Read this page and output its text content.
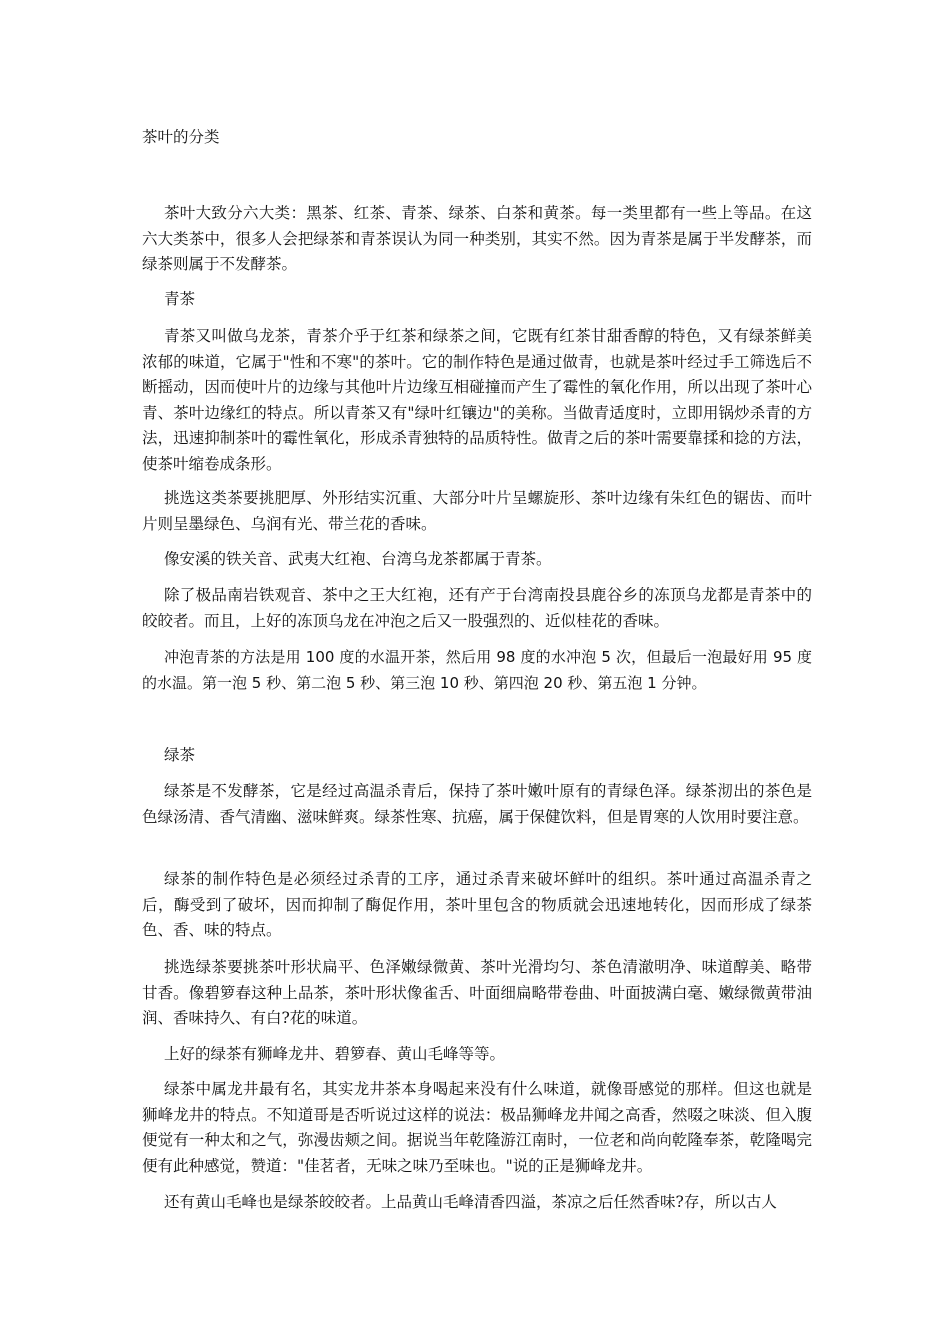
茶叶的分类

茶叶大致分六大类：黑茶、红茶、青茶、绿茶、白茶和黄茶。每一类里都有一些上等品。在这六大类茶中，很多人会把绿茶和青茶误认为同一种类别，其实不然。因为青茶是属于半发酵茶，而绿茶则属于不发酵茶。

青茶

青茶又叫做乌龙茶，青茶介乎于红茶和绿茶之间，它既有红茶甘甜香醇的特色，又有绿茶鲜美浓郁的味道，它属于"性和不寒"的茶叶。它的制作特色是通过做青，也就是茶叶经过手工筛选后不断摇动，因而使叶片的边缘与其他叶片边缘互相碰撞而产生了霉性的氧化作用，所以出现了茶叶心青、茶叶边缘红的特点。所以青茶又有"绿叶红镶边"的美称。当做青适度时，立即用锅炒杀青的方法，迅速抑制茶叶的霉性氧化，形成杀青独特的品质特性。做青之后的茶叶需要靠揉和捻的方法，使茶叶缩卷成条形。

挑选这类茶要挑肥厚、外形结实沉重、大部分叶片呈螺旋形、茶叶边缘有朱红色的锯齿、而叶片则呈墨绿色、乌润有光、带兰花的香味。

像安溪的铁关音、武夷大红袍、台湾乌龙茶都属于青茶。

除了极品南岩铁观音、茶中之王大红袍，还有产于台湾南投县鹿谷乡的冻顶乌龙都是青茶中的皎皎者。而且，上好的冻顶乌龙在冲泡之后又一股强烈的、近似桂花的香味。

冲泡青茶的方法是用 100 度的水温开茶，然后用 98 度的水冲泡 5 次，但最后一泡最好用 95 度的水温。第一泡 5 秒、第二泡 5 秒、第三泡 10 秒、第四泡 20 秒、第五泡 1 分钟。

绿茶

绿茶是不发酵茶，它是经过高温杀青后，保持了茶叶嫩叶原有的青绿色泽。绿茶沏出的茶色是色绿汤清、香气清幽、滋味鲜爽。绿茶性寒、抗癌，属于保健饮料，但是胃寒的人饮用时要注意。

绿茶的制作特色是必须经过杀青的工序，通过杀青来破坏鲜叶的组织。茶叶通过高温杀青之后，酶受到了破坏，因而抑制了酶促作用，茶叶里包含的物质就会迅速地转化，因而形成了绿茶色、香、味的特点。

挑选绿茶要挑茶叶形状扁平、色泽嫩绿微黄、茶叶光滑均匀、茶色清澈明净、味道醇美、略带甘香。像碧箩春这种上品茶，茶叶形状像雀舌、叶面细扁略带卷曲、叶面披满白毫、嫩绿微黄带油润、香味持久、有白?花的味道。

上好的绿茶有狮峰龙井、碧箩春、黄山毛峰等等。

绿茶中属龙井最有名，其实龙井茶本身喝起来没有什么味道，就像哥感觉的那样。但这也就是狮峰龙井的特点。不知道哥是否听说过这样的说法：极品狮峰龙井闻之高香，然啜之味淡、但入腹便觉有一种太和之气，弥漫齿颊之间。据说当年乾隆游江南时，一位老和尚向乾隆奉茶，乾隆喝完便有此种感觉，赞道："佳茗者，无味之味乃至味也。"说的正是狮峰龙井。

还有黄山毛峰也是绿茶皎皎者。上品黄山毛峰清香四溢，茶凉之后任然香味?存，所以古人
